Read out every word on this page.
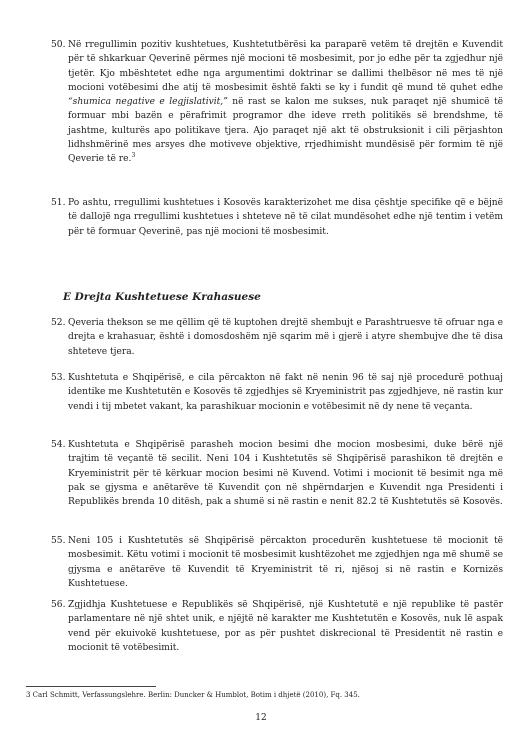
50. Në rregullimin pozitiv kushtetues, Kushtetutbërësi ka paraparë vetëm të drejtën e Kuvendit për të shkarkuar Qeverinë përmes një mocioni të mosbesimit, por jo edhe për ta zgjedhur një tjetër. Kjo mbështetet edhe nga argumentimi doktrinar se dallimi thelbësor në mes të një mocioni votëbesimi dhe atij të mosbesimit është fakti se ky i fundit që mund të quhet edhe “shumica negative e legjislativit,” në rast se kalon me sukses, nuk paraqet një shumicë të formuar mbi bazën e përafrimit programor dhe ideve rreth politikës së brendshme, të jashtme, kulturës apo politikave tjera. Ajo paraqet një akt të obstruksionit i cili përjashton lidhshmërinë mes arsyes dhe motiveve objektive, rrjedhimisht mundësisë për formim të një Qeverie të re.$^3$
51. Po ashtu, rregullimi kushtetues i Kosovës karakterizohet me disa çështje specifike që e bëjnë të dallojë nga rregullimi kushtetues i shteteve në të cilat mundësohet edhe një tentim i vetëm për të formuar Qeverinë, pas një mocioni të mosbesimit.

E Drejta Kushtetuese Krahasuese

52. Qeveria thekson se me qëllim që të kuptohen drejtë shembujt e Parashtruesve të ofruar nga e drejta e krahasuar, është i domosdoshëm një sqarim më i gjerë i atyre shembujve dhe të disa shteteve tjera.
53. Kushtetuta e Shqipërisë, e cila përcakton në fakt në nenin 96 të saj një procedurë pothuaj identike me Kushtetutën e Kosovës të zgjedhjes së Kryeministrit pas zgjedhjeve, në rastin kur vendi i tij mbetet vakant, ka parashikuar mocionin e votëbesimit në dy nene të veçanta.
54. Kushtetuta e Shqipërisë parasheh mocion besimi dhe mocion mosbesimi, duke bërë një trajtim të veçantë të secilit. Neni 104 i Kushtetutës së Shqipërisë parashikon të drejtën e Kryeministrit për të kërkuar mocion besimi në Kuvend. Votimi i mocionit të besimit nga më pak se gjysma e anëtarëve të Kuvendit çon në shpërndarjen e Kuvendit nga Presidenti i Republikës brenda 10 ditësh, pak a shumë si në rastin e nenit 82.2 të Kushtetutës së Kosovës.
55. Neni 105 i Kushtetutës së Shqipërisë përcakton procedurën kushtetuese të mocionit të mosbesimit. Këtu votimi i mocionit të mosbesimit kushtëzohet me zgjedhjen nga më shumë se gjysma e anëtarëve të Kuvendit të Kryeministrit të ri, njësoj si në rastin e Kornizës Kushtetuese.
56. Zgjidhja Kushtetuese e Republikës së Shqipërisë, një Kushtetutë e një republike të pastër parlamentare në një shtet unik, e njëjtë në karakter me Kushtetutën e Kosovës, nuk lë aspak vend për ekuivokë kushtetuese, por as për pushtet diskrecional të Presidentit në rastin e mocionit të votëbesimit.

3 Carl Schmitt, Verfassungslehre. Berlin: Duncker & Humblot, Botim i dhjetë (2010), Fq. 345.

12
